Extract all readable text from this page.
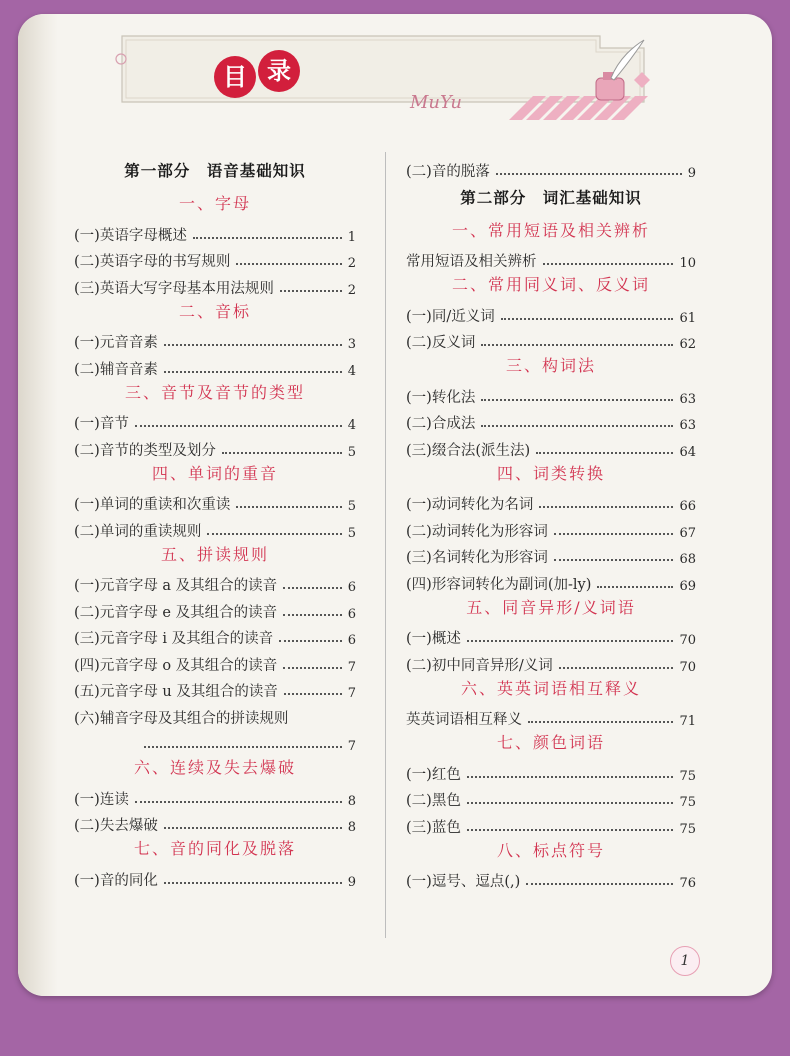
MuYu
目 录
第一部分　语音基础知识
一、字母
(一)英语字母概述	1
(二)英语字母的书写规则	2
(三)英语大写字母基本用法规则	2
二、音标
(一)元音音素	3
(二)辅音音素	4
三、音节及音节的类型
(一)音节	4
(二)音节的类型及划分	5
四、单词的重音
(一)单词的重读和次重读	5
(二)单词的重读规则	5
五、拼读规则
(一)元音字母 a 及其组合的读音	6
(二)元音字母 e 及其组合的读音	6
(三)元音字母 i 及其组合的读音	6
(四)元音字母 o 及其组合的读音	7
(五)元音字母 u 及其组合的读音	7
(六)辅音字母及其组合的拼读规则
7
六、连续及失去爆破
(一)连读	8
(二)失去爆破	8
七、音的同化及脱落
(一)音的同化	9
(二)音的脱落	9
第二部分　词汇基础知识
一、常用短语及相关辨析
常用短语及相关辨析	10
二、常用同义词、反义词
(一)同/近义词	61
(二)反义词	62
三、构词法
(一)转化法	63
(二)合成法	63
(三)缀合法(派生法)	64
四、词类转换
(一)动词转化为名词	66
(二)动词转化为形容词	67
(三)名词转化为形容词	68
(四)形容词转化为副词(加-ly)	69
五、同音异形/义词语
(一)概述	70
(二)初中同音异形/义词	70
六、英英词语相互释义
英英词语相互释义	71
七、颜色词语
(一)红色	75
(二)黑色	75
(三)蓝色	75
八、标点符号
(一)逗号、逗点(,)	76
1
